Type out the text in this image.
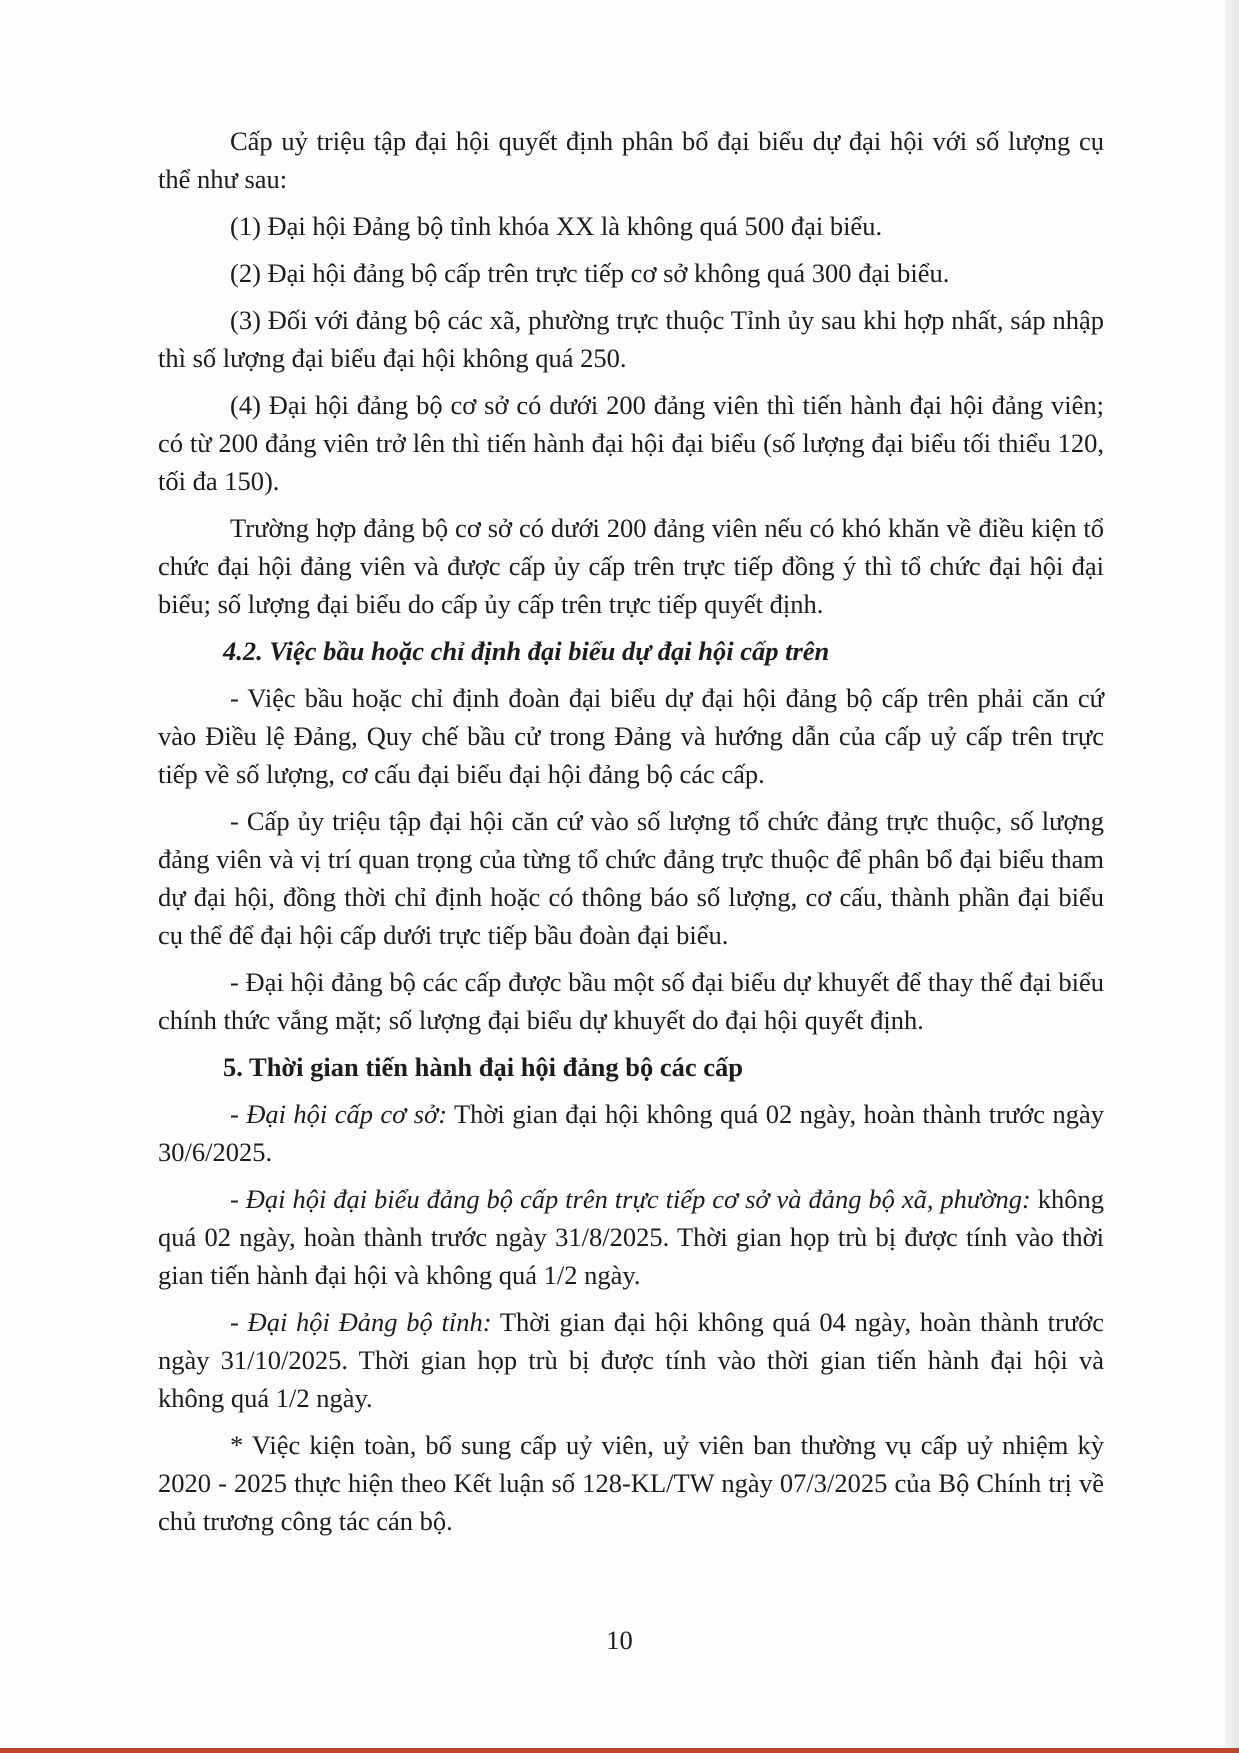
Cấp uỷ triệu tập đại hội quyết định phân bổ đại biểu dự đại hội với số lượng cụ thể như sau:

(1) Đại hội Đảng bộ tỉnh khóa XX là không quá 500 đại biểu.

(2) Đại hội đảng bộ cấp trên trực tiếp cơ sở không quá 300 đại biểu.

(3) Đối với đảng bộ các xã, phường trực thuộc Tỉnh ủy sau khi hợp nhất, sáp nhập thì số lượng đại biểu đại hội không quá 250.

(4) Đại hội đảng bộ cơ sở có dưới 200 đảng viên thì tiến hành đại hội đảng viên; có từ 200 đảng viên trở lên thì tiến hành đại hội đại biểu (số lượng đại biểu tối thiểu 120, tối đa 150).

Trường hợp đảng bộ cơ sở có dưới 200 đảng viên nếu có khó khăn về điều kiện tổ chức đại hội đảng viên và được cấp ủy cấp trên trực tiếp đồng ý thì tổ chức đại hội đại biểu; số lượng đại biểu do cấp ủy cấp trên trực tiếp quyết định.

4.2. Việc bầu hoặc chỉ định đại biểu dự đại hội cấp trên

- Việc bầu hoặc chỉ định đoàn đại biểu dự đại hội đảng bộ cấp trên phải căn cứ vào Điều lệ Đảng, Quy chế bầu cử trong Đảng và hướng dẫn của cấp uỷ cấp trên trực tiếp về số lượng, cơ cấu đại biểu đại hội đảng bộ các cấp.

- Cấp ủy triệu tập đại hội căn cứ vào số lượng tổ chức đảng trực thuộc, số lượng đảng viên và vị trí quan trọng của từng tổ chức đảng trực thuộc để phân bổ đại biểu tham dự đại hội, đồng thời chỉ định hoặc có thông báo số lượng, cơ cấu, thành phần đại biểu cụ thể để đại hội cấp dưới trực tiếp bầu đoàn đại biểu.

- Đại hội đảng bộ các cấp được bầu một số đại biểu dự khuyết để thay thế đại biểu chính thức vắng mặt; số lượng đại biểu dự khuyết do đại hội quyết định.

5. Thời gian tiến hành đại hội đảng bộ các cấp

- Đại hội cấp cơ sở: Thời gian đại hội không quá 02 ngày, hoàn thành trước ngày 30/6/2025.

- Đại hội đại biểu đảng bộ cấp trên trực tiếp cơ sở và đảng bộ xã, phường: không quá 02 ngày, hoàn thành trước ngày 31/8/2025. Thời gian họp trù bị được tính vào thời gian tiến hành đại hội và không quá 1/2 ngày.

- Đại hội Đảng bộ tỉnh: Thời gian đại hội không quá 04 ngày, hoàn thành trước ngày 31/10/2025. Thời gian họp trù bị được tính vào thời gian tiến hành đại hội và không quá 1/2 ngày.

* Việc kiện toàn, bổ sung cấp uỷ viên, uỷ viên ban thường vụ cấp uỷ nhiệm kỳ 2020 - 2025 thực hiện theo Kết luận số 128-KL/TW ngày 07/3/2025 của Bộ Chính trị về chủ trương công tác cán bộ.

10
